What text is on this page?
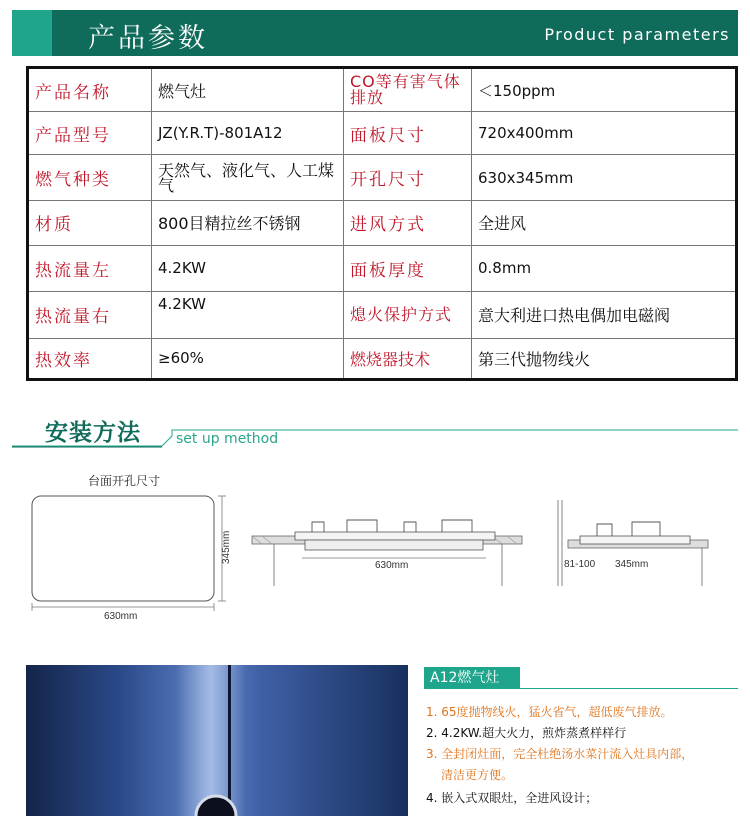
产品参数	Product parameters
产品名称	燃气灶	CO等有害气体排放	＜150ppm
产品型号	JZ(Y.R.T)-801A12	面板尺寸	720x400mm
燃气种类	天然气、液化气、人工煤气	开孔尺寸	630x345mm
材质	800目精拉丝不锈钢	进风方式	全进风
热流量左	4.2KW	面板厚度	0.8mm
热流量右	4.2KW	熄火保护方式	意大利进口热电偶加电磁阀
热效率	≥60%	燃烧器技术	第三代抛物线火
安装方法	set up method
台面开孔尺寸
630mm
345mm
630mm	81-100 345mm
A12燃气灶
1. 65度抛物线火，猛火省气，超低废气排放。
2. 4.2KW.超大火力，煎炸蒸煮样样行
3. 全封闭灶面，完全杜绝汤水菜汁流入灶具内部，
清洁更方便。
4. 嵌入式双眼灶，全进风设计；
